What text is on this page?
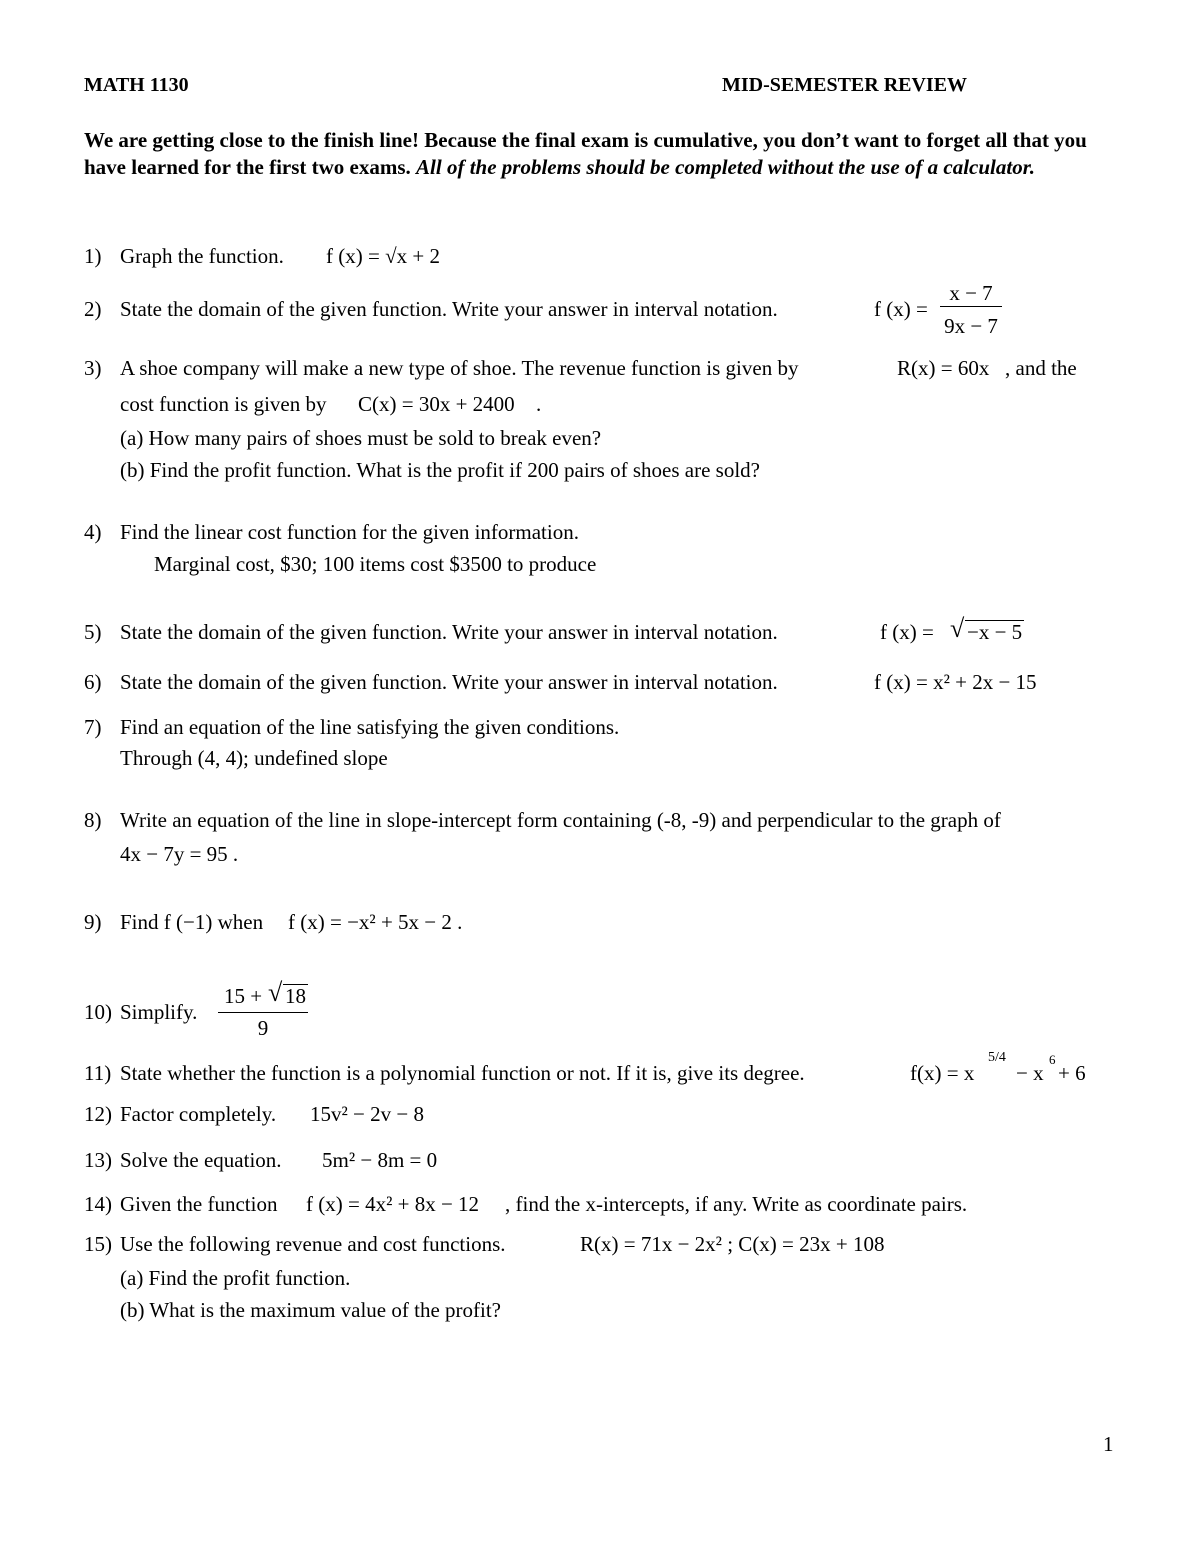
MATH 1130	MID-SEMESTER REVIEW
We are getting close to the finish line! Because the final exam is cumulative, you don’t want to forget all that you have learned for the first two exams. All of the problems should be completed without the use of a calculator.
1) Graph the function. f (x) = √x + 2
2) State the domain of the given function. Write your answer in interval notation.	f (x) =
x − 7
9x − 7
3) A shoe company will make a new type of shoe. The revenue function is given by	R(x) = 60x , and the
cost function is given by C(x) = 30x + 2400 .
(a) How many pairs of shoes must be sold to break even?
(b) Find the profit function. What is the profit if 200 pairs of shoes are sold?
4) Find the linear cost function for the given information.
Marginal cost, $30; 100 items cost $3500 to produce
5) State the domain of the given function. Write your answer in interval notation.	f (x) = √ −x − 5
6) State the domain of the given function. Write your answer in interval notation.	f (x) = x² + 2x − 15
7) Find an equation of the line satisfying the given conditions.
Through (4, 4); undefined slope
8) Write an equation of the line in slope-intercept form containing (-8, -9) and perpendicular to the graph of
4x − 7y = 95 .
9) Find f (−1) when f (x) = −x² + 5x − 2 .
10) Simplify.
15 + √ 18
9
11) State whether the function is a polynomial function or not. If it is, give its degree.	f(x) = x
5/4
− x
6
+ 6
12) Factor completely. 15v² − 2v − 8
13) Solve the equation. 5m² − 8m = 0
14) Given the function f (x) = 4x² + 8x − 12 , find the x-intercepts, if any. Write as coordinate pairs.
15) Use the following revenue and cost functions.	R(x) = 71x − 2x² ; C(x) = 23x + 108
(a) Find the profit function.
(b) What is the maximum value of the profit?
1
